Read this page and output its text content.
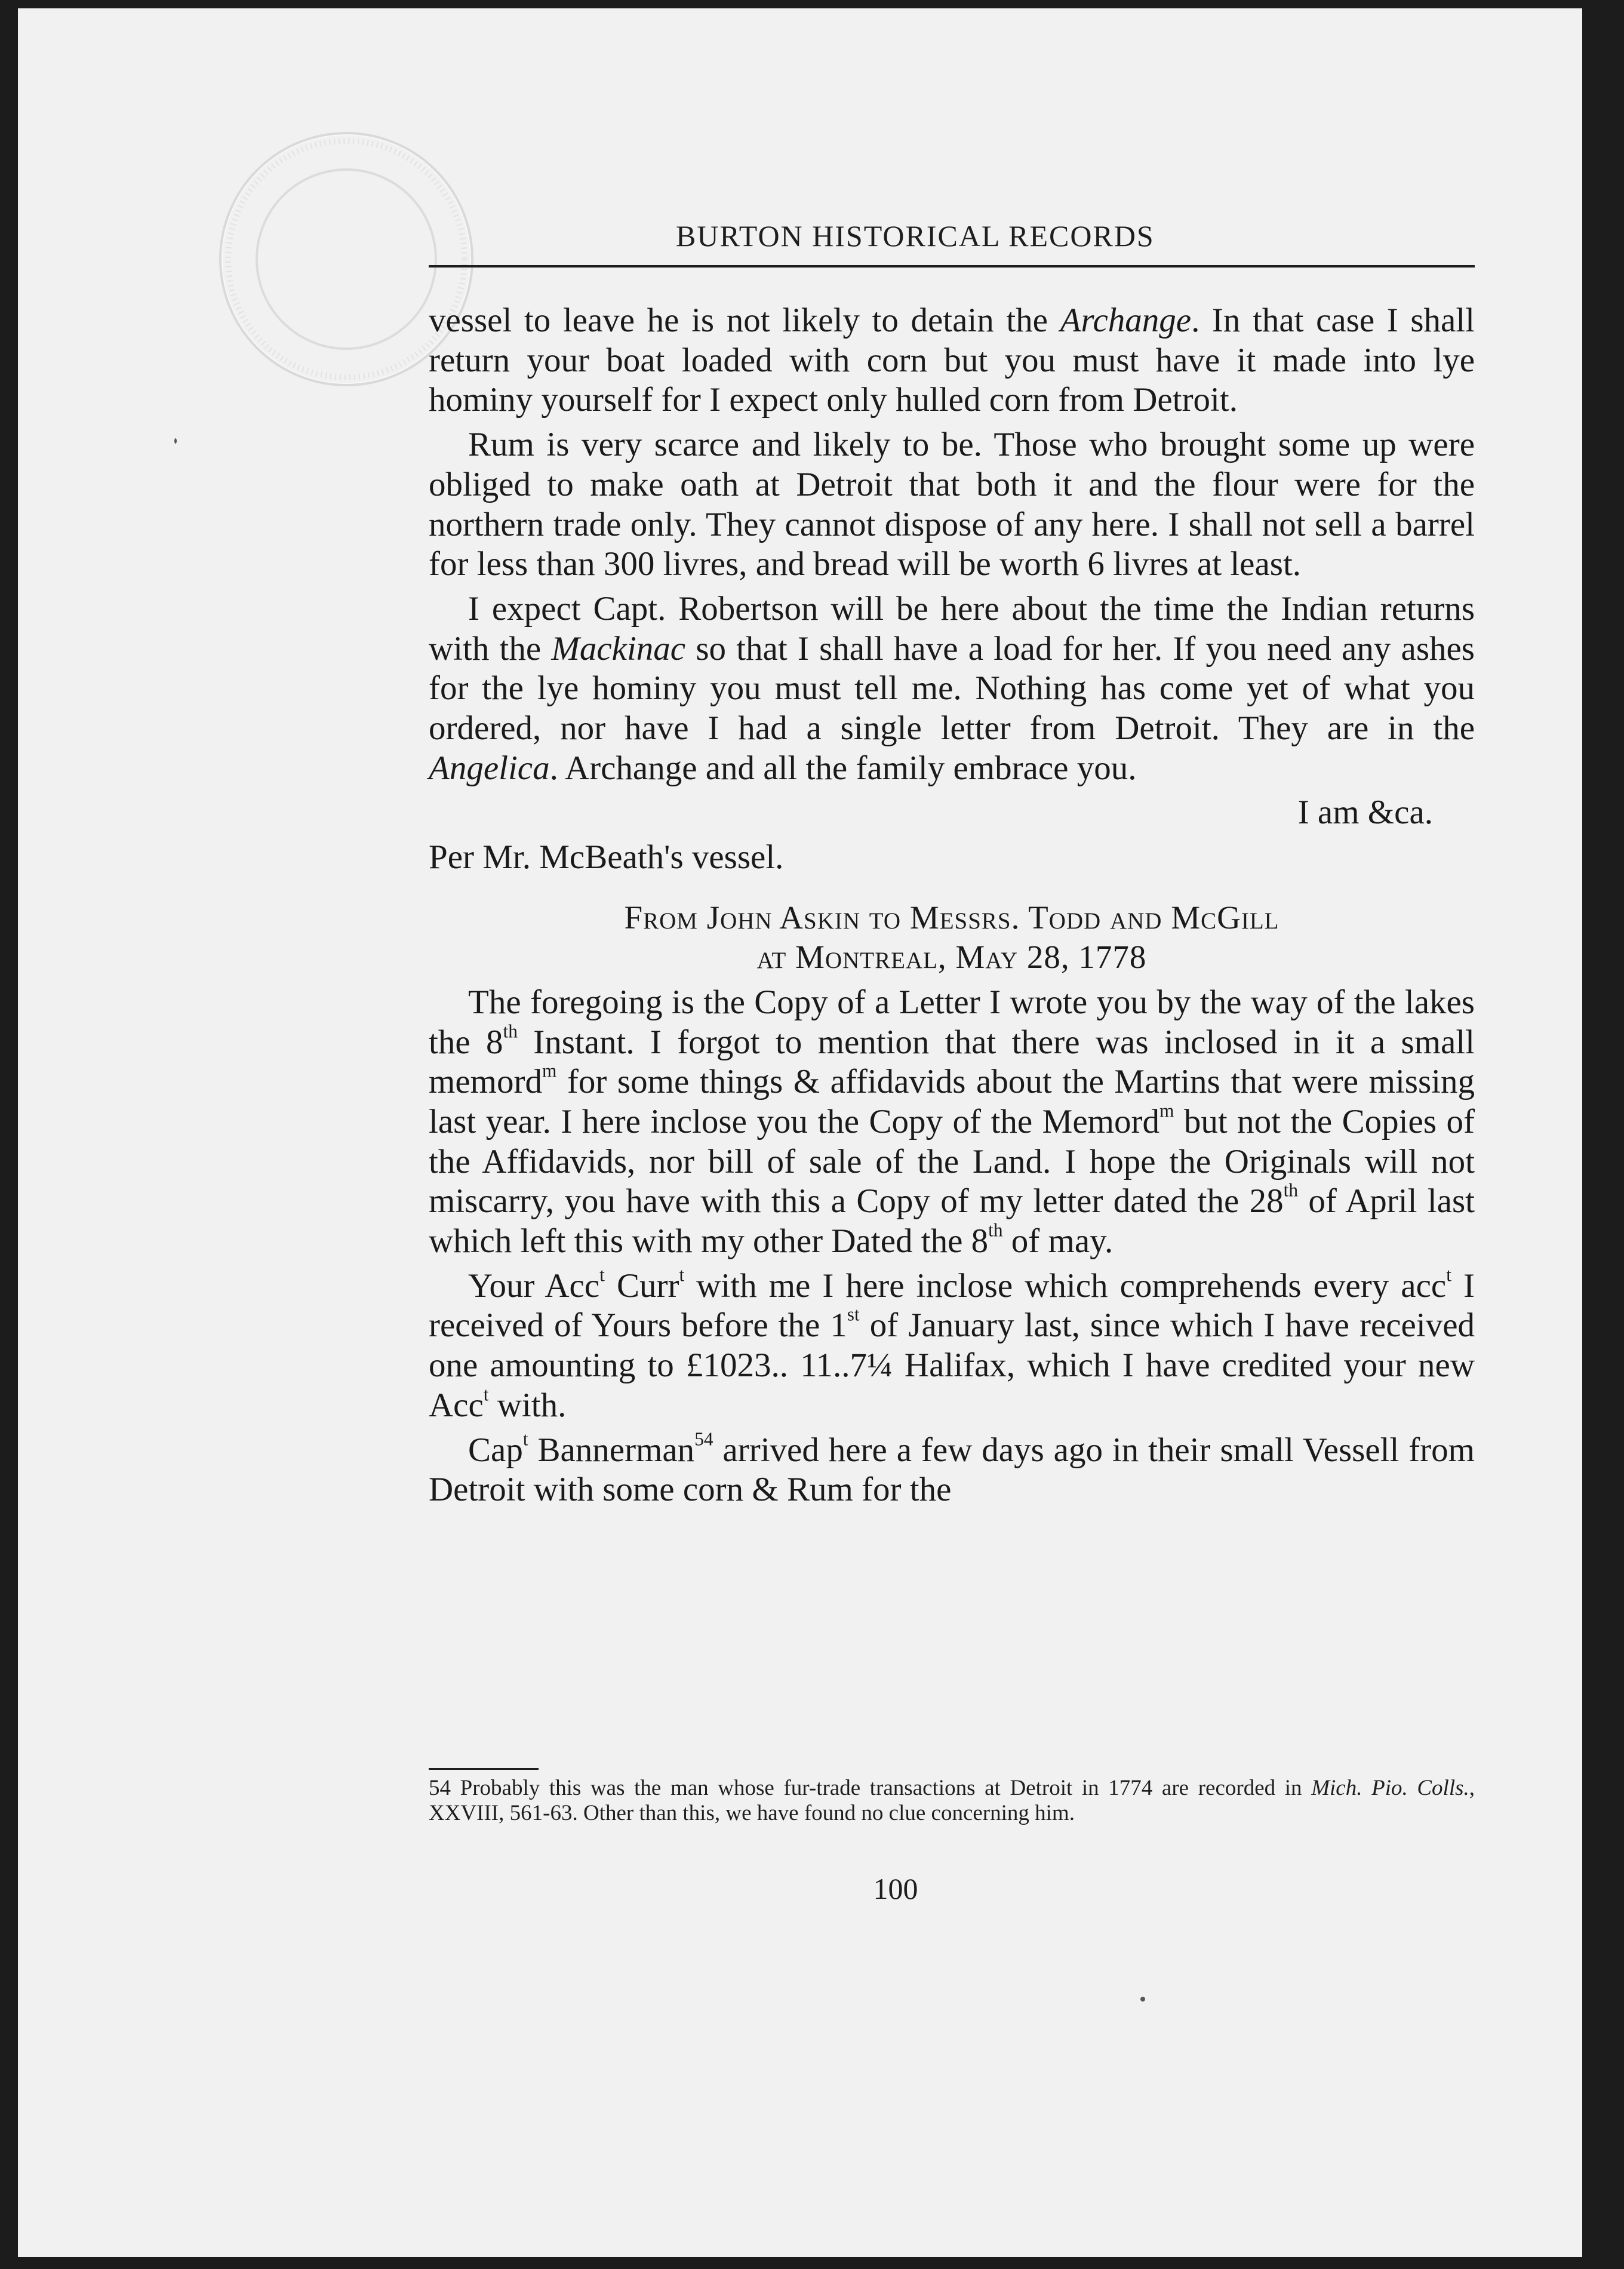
BURTON HISTORICAL RECORDS

vessel to leave he is not likely to detain the Archange. In that case I shall return your boat loaded with corn but you must have it made into lye hominy yourself for I expect only hulled corn from Detroit.

Rum is very scarce and likely to be. Those who brought some up were obliged to make oath at Detroit that both it and the flour were for the northern trade only. They cannot dispose of any here. I shall not sell a barrel for less than 300 livres, and bread will be worth 6 livres at least.

I expect Capt. Robertson will be here about the time the Indian returns with the Mackinac so that I shall have a load for her. If you need any ashes for the lye hominy you must tell me. Nothing has come yet of what you ordered, nor have I had a single letter from Detroit. They are in the Angelica. Archange and all the family embrace you.

I am &ca.

Per Mr. McBeath's vessel.

From John Askin to Messrs. Todd and McGill
at Montreal, May 28, 1778

The foregoing is the Copy of a Letter I wrote you by the way of the lakes the 8th Instant. I forgot to mention that there was inclosed in it a small memord$^m$ for some things & affidavids about the Martins that were missing last year. I here inclose you the Copy of the Memord$^m$ but not the Copies of the Affidavids, nor bill of sale of the Land. I hope the Originals will not miscarry, you have with this a Copy of my letter dated the 28th of April last which left this with my other Dated the 8th of may.

Your Acc$^t$ Curr$^t$ with me I here inclose which comprehends every acc$^t$ I received of Yours before the 1st of January last, since which I have received one amounting to £1023.. 11..7¼ Halifax, which I have credited your new Acc$^t$ with.

Cap$^t$ Bannerman$^{54}$ arrived here a few days ago in their small Vessell from Detroit with some corn & Rum for the

54 Probably this was the man whose fur-trade transactions at Detroit in 1774 are recorded in Mich. Pio. Colls., XXVIII, 561-63. Other than this, we have found no clue concerning him.
100
